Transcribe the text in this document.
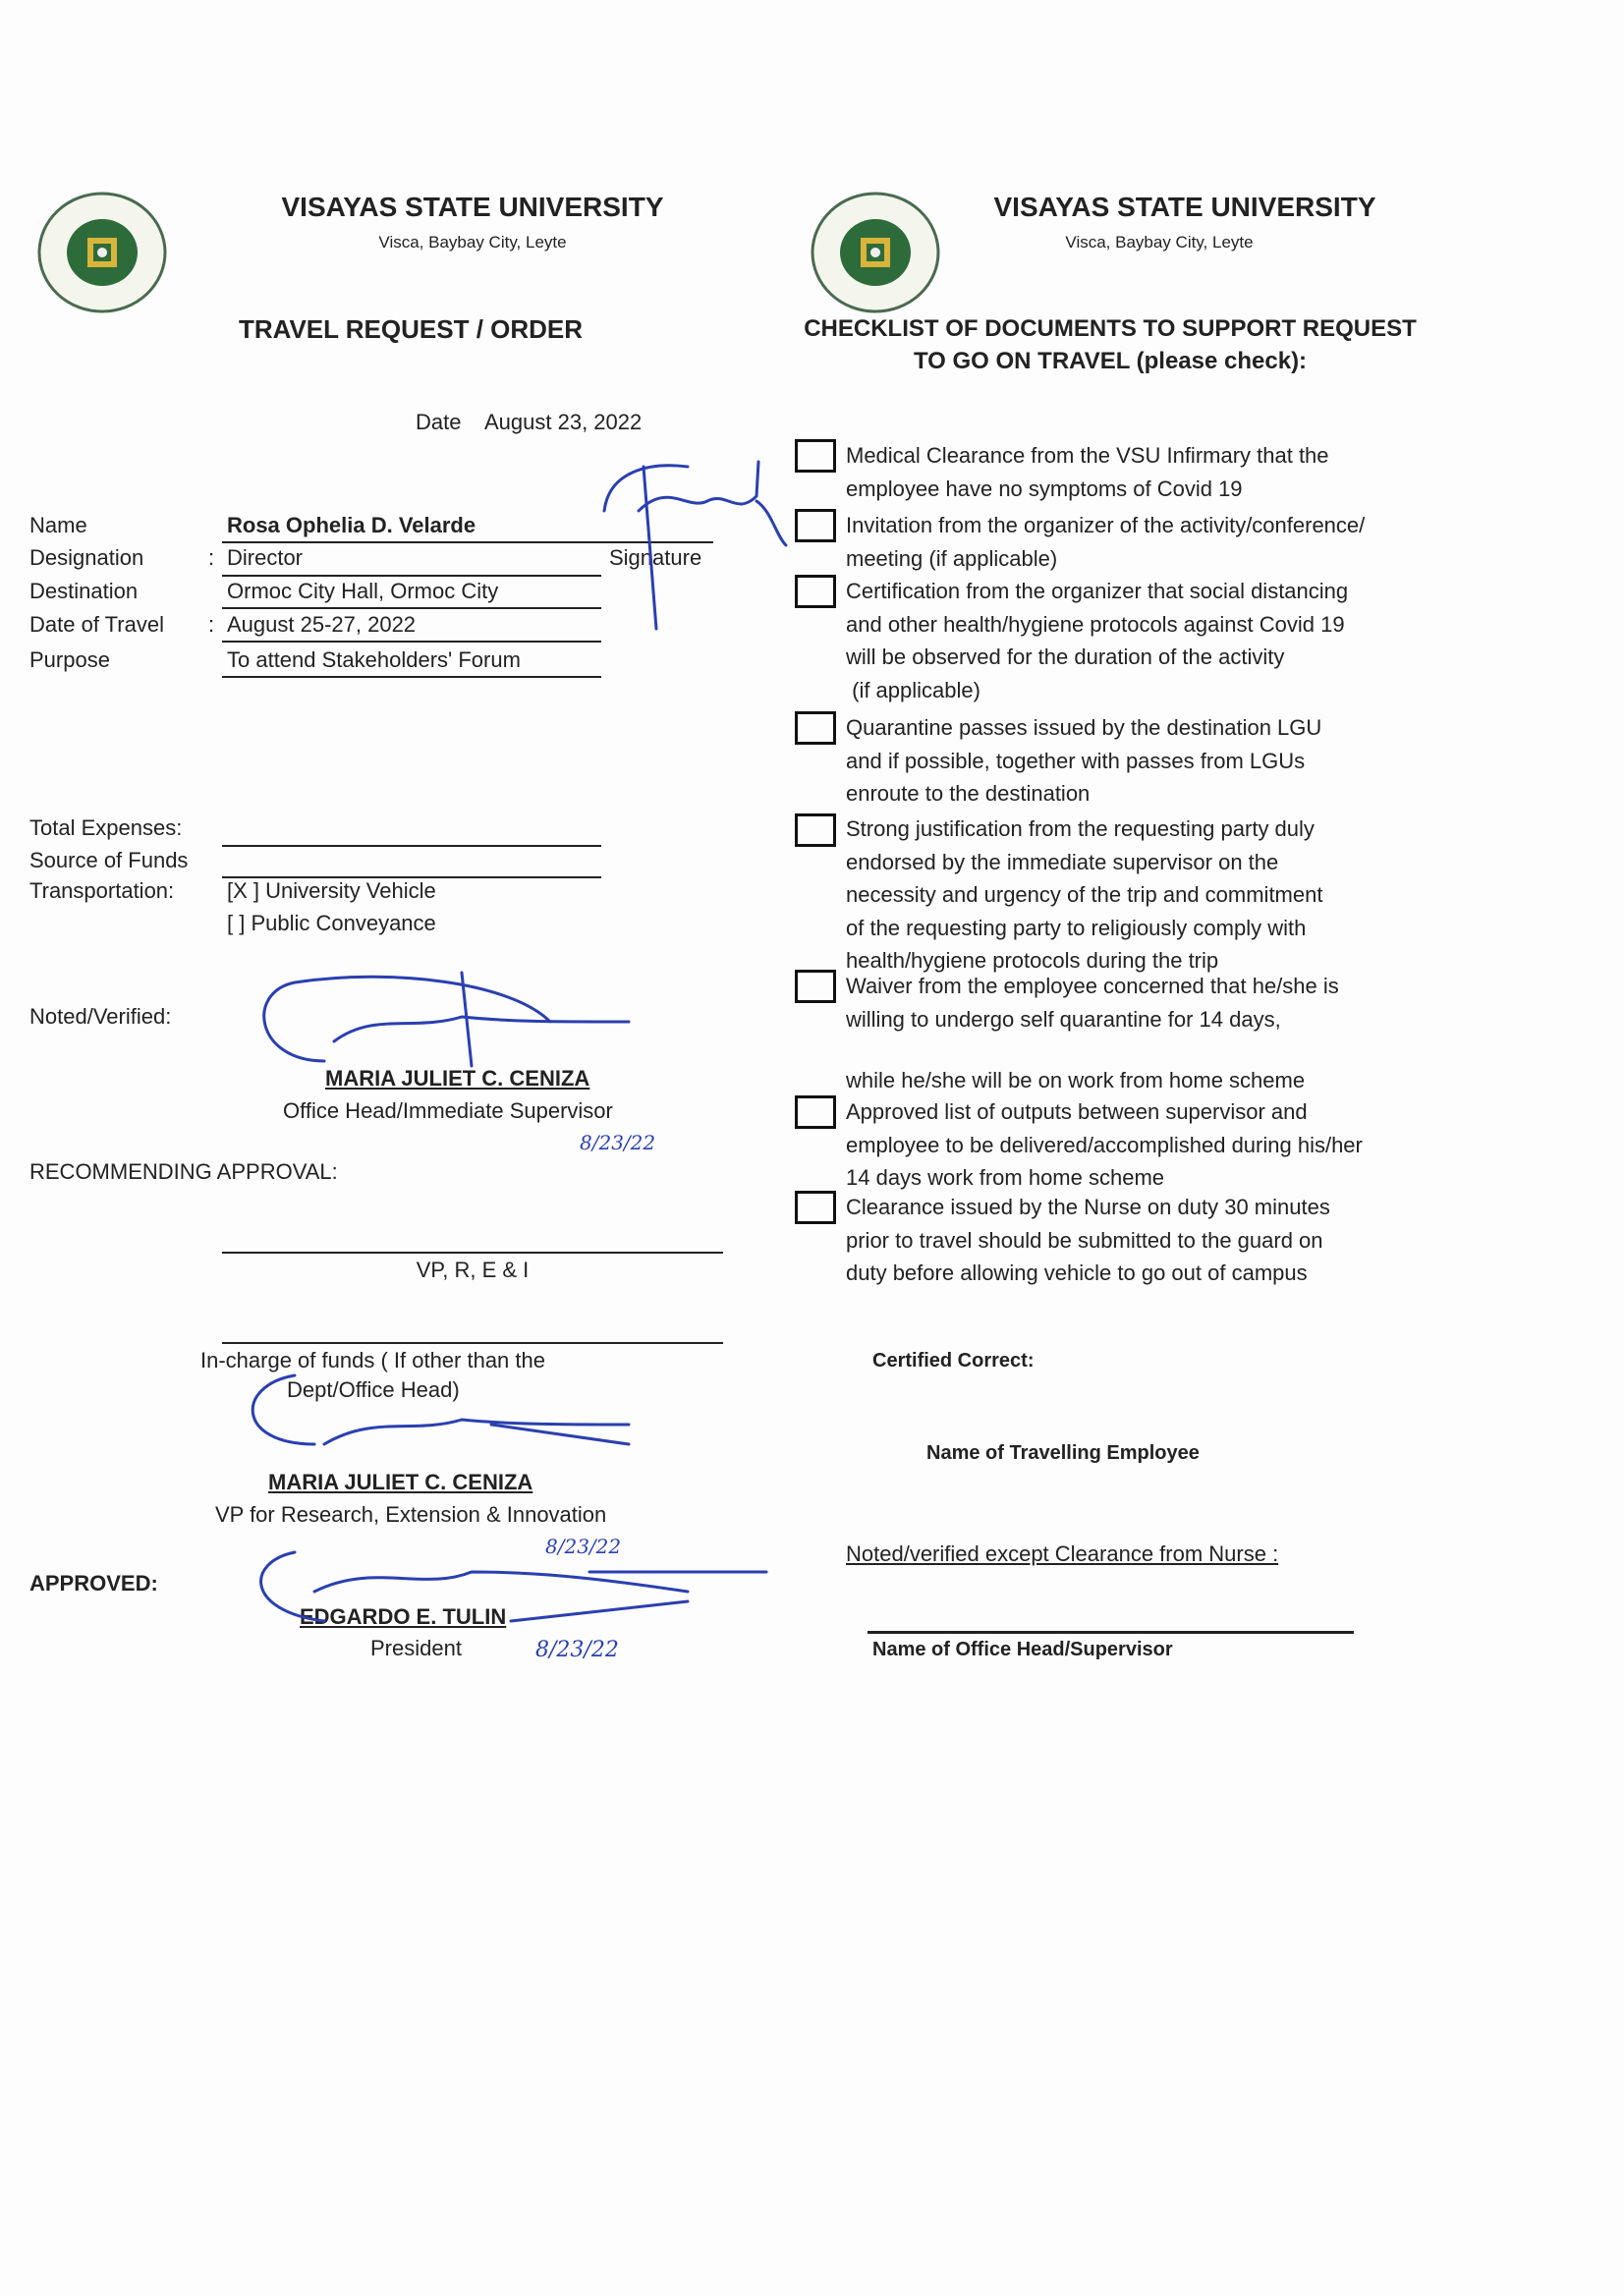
VISAYAS STATE UNIVERSITY
Visca, Baybay City, Leyte
TRAVEL REQUEST / ORDER
Date August 23, 2022
Name	Rosa Ophelia D. Velarde
Designation	: Director
Destination	Ormoc City Hall, Ormoc City
Date of Travel : August 25-27, 2022
Purpose	To attend Stakeholders' Forum
Signature
Total Expenses:
Source of Funds
Transportation: [X ] University Vehicle
[ ] Public Conveyance
Noted/Verified:
MARIA JULIET C. CENIZA
Office Head/Immediate Supervisor
RECOMMENDING APPROVAL:
VP, R, E & I
In-charge of funds ( If other than the
Dept/Office Head)
MARIA JULIET C. CENIZA
VP for Research, Extension & Innovation
APPROVED:
EDGARDO E. TULIN
President
8/23/22
8/23/22
8/23/22
VISAYAS STATE UNIVERSITY
Visca, Baybay City, Leyte
CHECKLIST OF DOCUMENTS TO SUPPORT REQUEST
TO GO ON TRAVEL (please check):
Medical Clearance from the VSU Infirmary that the
employee have no symptoms of Covid 19
Invitation from the organizer of the activity/conference/
meeting (if applicable)
Certification from the organizer that social distancing
and other health/hygiene protocols against Covid 19
will be observed for the duration of the activity
(if applicable)
Quarantine passes issued by the destination LGU
and if possible, together with passes from LGUs
enroute to the destination
Strong justification from the requesting party duly
endorsed by the immediate supervisor on the
necessity and urgency of the trip and commitment
of the requesting party to religiously comply with
health/hygiene protocols during the trip
Waiver from the employee concerned that he/she is
willing to undergo self quarantine for 14 days,
while he/she will be on work from home scheme
Approved list of outputs between supervisor and
employee to be delivered/accomplished during his/her
14 days work from home scheme
Clearance issued by the Nurse on duty 30 minutes
prior to travel should be submitted to the guard on
duty before allowing vehicle to go out of campus
Certified Correct:
Name of Travelling Employee
Noted/verified except Clearance from Nurse :
Name of Office Head/Supervisor
